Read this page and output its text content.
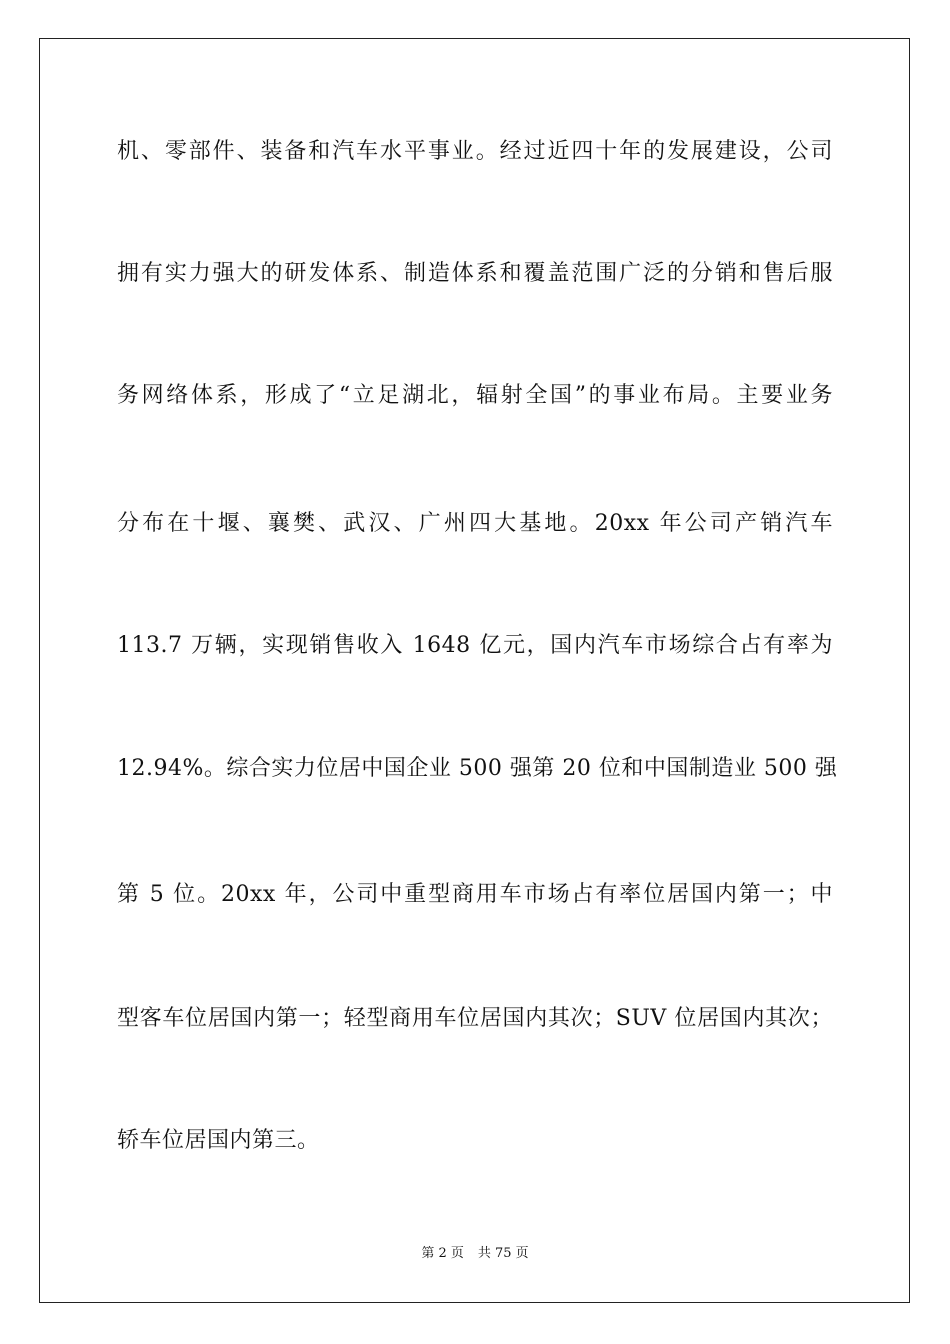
机、零部件、装备和汽车水平事业。经过近四十年的发展建设，公司
拥有实力强大的研发体系、制造体系和覆盖范围广泛的分销和售后服
务网络体系，形成了“立足湖北，辐射全国”的事业布局。主要业务
分布在十堰、襄樊、武汉、广州四大基地。20xx 年公司产销汽车
113.7 万辆，实现销售收入 1648 亿元，国内汽车市场综合占有率为
12.94%。综合实力位居中国企业 500 强第 20 位和中国制造业 500 强
第 5 位。20xx 年，公司中重型商用车市场占有率位居国内第一；中
型客车位居国内第一；轻型商用车位居国内其次；SUV 位居国内其次；
轿车位居国内第三。
第 2 页 共 75 页
